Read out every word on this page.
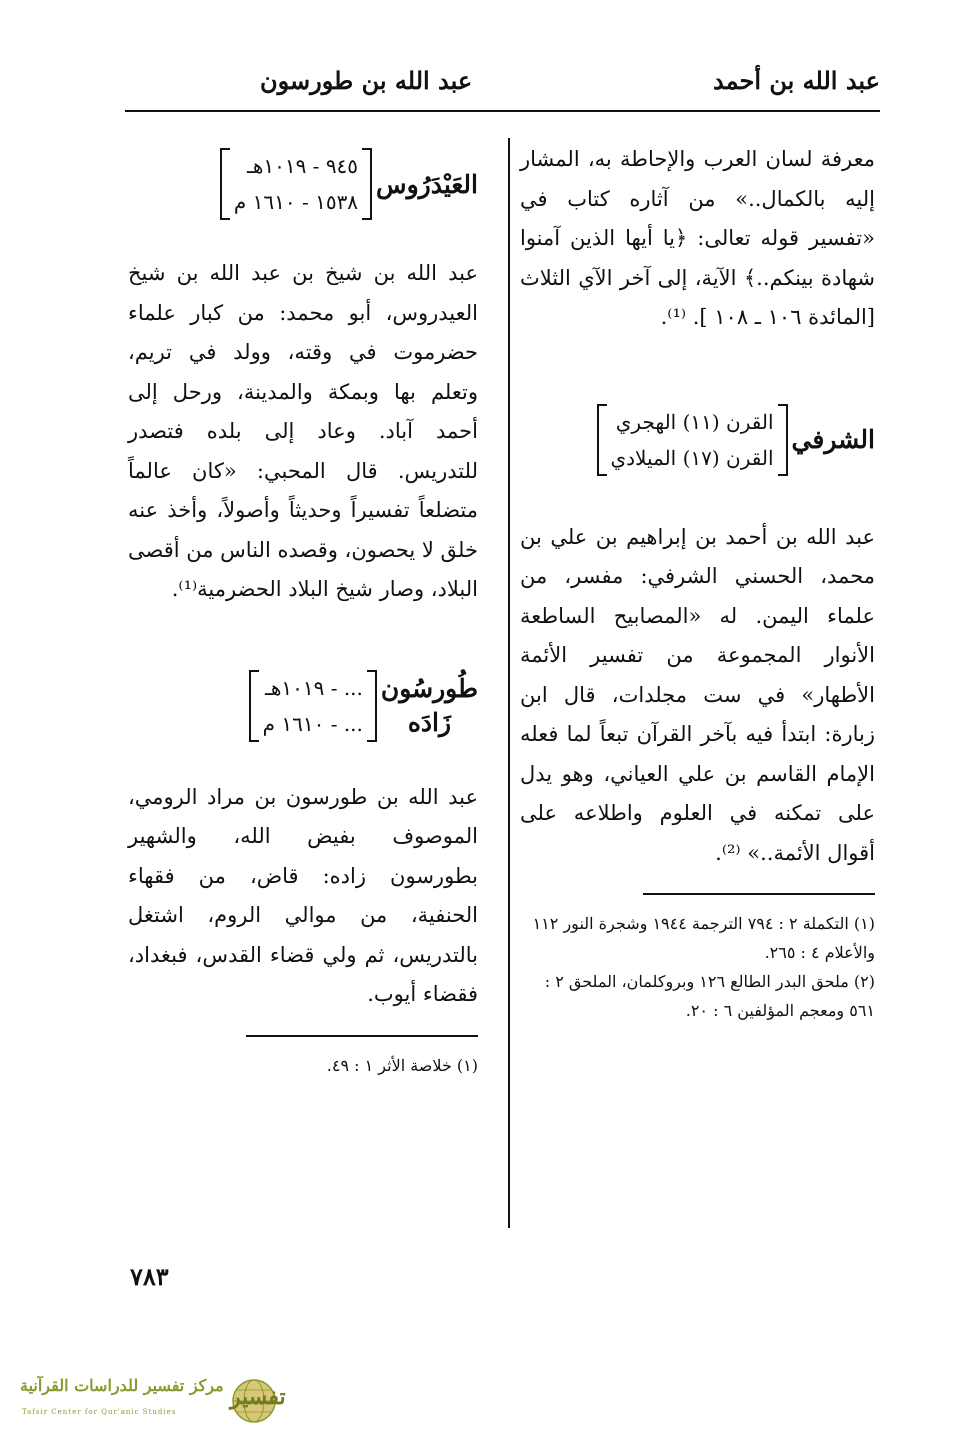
عبد الله بن أحمد
عبد الله بن طورسون

معرفة لسان العرب والإحاطة به، المشار إليه بالكمال..» من آثاره كتاب في «تفسير قوله تعالى: ﴿يا أيها الذين آمنوا شهادة بينكم..﴾ الآية، إلى آخر الآي الثلاث [المائدة ١٠٦ ـ ١٠٨ ]. ⁽¹⁾.

الشرفي
القرن (١١) الهجري
القرن (١٧) الميلادي

عبد الله بن أحمد بن إبراهيم بن علي بن محمد، الحسني الشرفي: مفسر، من علماء اليمن. له «المصابيح الساطعة الأنوار المجموعة من تفسير الأئمة الأطهار» في ست مجلدات، قال ابن زبارة: ابتدأ فيه بآخر القرآن تبعاً لما فعله الإمام القاسم بن علي العياني، وهو يدل على تمكنه في العلوم واطلاعه على أقوال الأئمة..» ⁽²⁾.

(١) التكملة ٢ : ٧٩٤ الترجمة ١٩٤٤ وشجرة النور ١١٢ والأعلام ٤ : ٢٦٥.

(٢) ملحق البدر الطالع ١٢٦ وبروكلمان، الملحق ٢ : ٥٦١ ومعجم المؤلفين ٦ : ٢٠.

العَيْدَرُوس
٩٤٥ - ١٠١٩هـ
١٥٣٨ - ١٦١٠ م

عبد الله بن شيخ بن عبد الله بن شيخ العيدروس، أبو محمد: من كبار علماء حضرموت في وقته، وولد في تريم، وتعلم بها وبمكة والمدينة، ورحل إلى أحمد آباد. وعاد إلى بلده فتصدر للتدريس. قال المحبي: «كان عالماً متضلعاً تفسيراً وحديثاً وأصولاً، وأخذ عنه خلق لا يحصون، وقصده الناس من أقصى البلاد، وصار شيخ البلاد الحضرمية⁽¹⁾.

طُورسُون
زَادَه
... - ١٠١٩هـ
... - ١٦١٠ م

عبد الله بن طورسون بن مراد الرومي، الموصوف بفيض الله، والشهير بطورسون زاده: قاض، من فقهاء الحنفية، من موالي الروم، اشتغل بالتدريس، ثم ولي قضاء القدس، فبغداد، فقضاء أيوب.

(١) خلاصة الأثر ١ : ٤٩.

٧٨٣
مركز تفسير للدراسات القرآنية
Tafsir Center for Qur'anic Studies
تفسير
